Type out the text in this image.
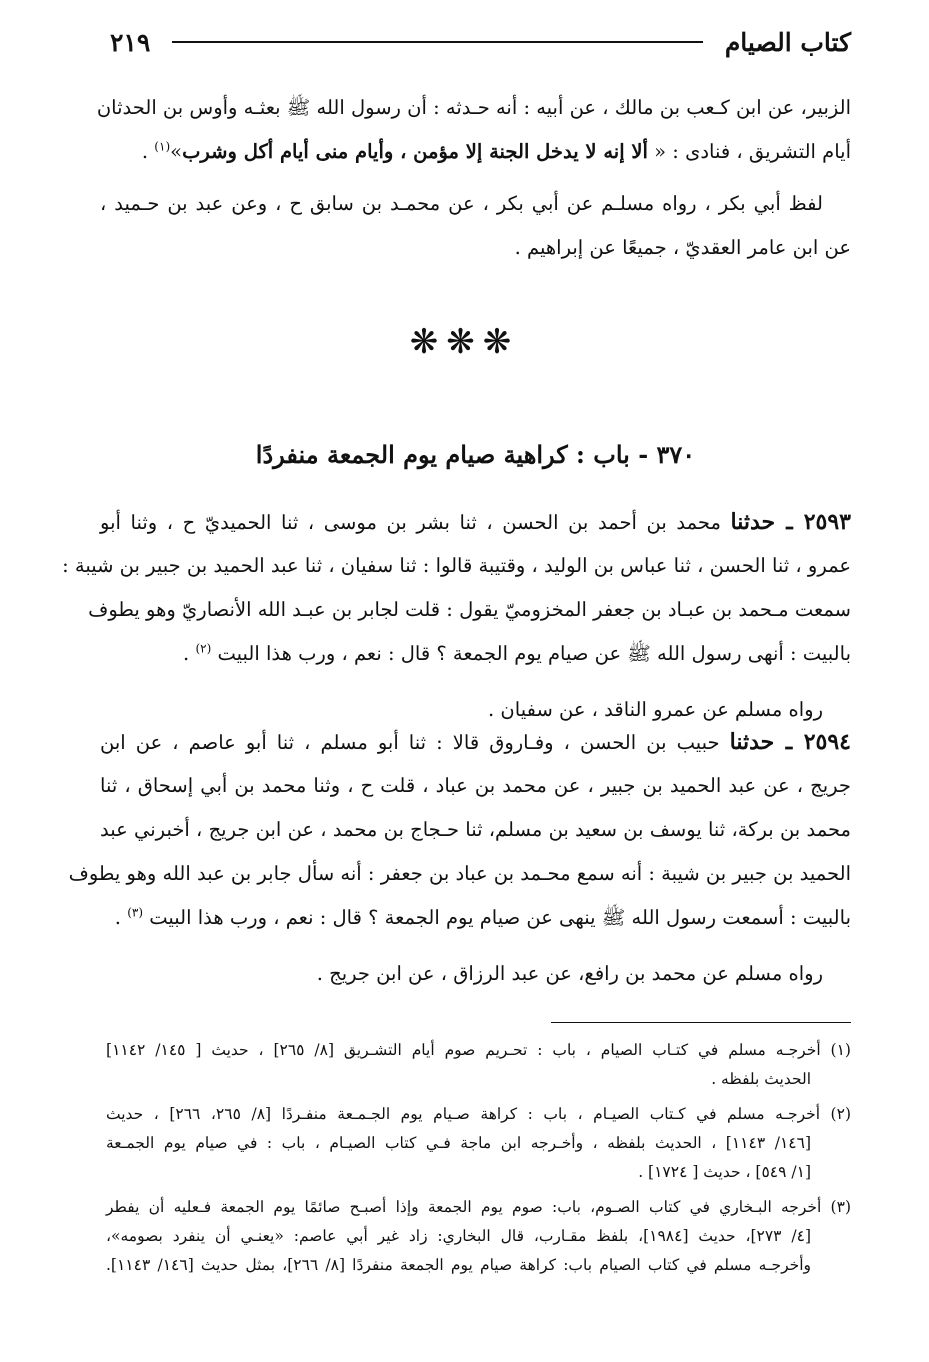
كتاب الصيام
٢١٩
الزبير، عن ابن كـعب بن مالك ، عن أبيه : أنه حـدثه : أن رسول الله ﷺ بعثـه وأوس بن الحدثان
أيام التشريق ، فنادى : « ألا إنه لا يدخل الجنة إلا مؤمن ، وأيام منى أيام أكل وشرب»$^{(١)}$ .
لفظ أبي بكر ، رواه مسلـم عن أبي بكر ، عن محمـد بن سابق ح ، وعن عبد بن حـميد ،
عن ابن عامر العقديّ ، جميعًا عن إبراهيم .
❋❋❋
٣٧٠ - باب : كراهية صيام يوم الجمعة منفردًا
٢٥٩٣ ـ حدثنا محمد بن أحمد بن الحسن ، ثنا بشر بن موسى ، ثنا الحميديّ ح ، وثنا أبو
عمرو ، ثنا الحسن ، ثنا عباس بن الوليد ، وقتيبة قالوا : ثنا سفيان ، ثنا عبد الحميد بن جبير بن شيبة :
سمعت مـحمد بن عبـاد بن جعفر المخزوميّ يقول : قلت لجابر بن عبـد الله الأنصاريّ وهو يطوف
بالبيت : أنهى رسول الله ﷺ عن صيام يوم الجمعة ؟ قال : نعم ، ورب هذا البيت $^{(٢)}$ .
رواه مسلم عن عمرو الناقد ، عن سفيان .
٢٥٩٤ ـ حدثنا حبيب بن الحسن ، وفـاروق قالا : ثنا أبو مسلم ، ثنا أبو عاصم ، عن ابن
جريج ، عن عبد الحميد بن جبير ، عن محمد بن عباد ، قلت ح ، وثنا محمد بن أبي إسحاق ، ثنا
محمد بن بركة، ثنا يوسف بن سعيد بن مسلم، ثنا حـجاج بن محمد ، عن ابن جريج ، أخبرني عبد
الحميد بن جبير بن شيبة : أنه سمع محـمد بن عباد بن جعفر : أنه سأل جابر بن عبد الله وهو يطوف
بالبيت : أسمعت رسول الله ﷺ ينهى عن صيام يوم الجمعة ؟ قال : نعم ، ورب هذا البيت $^{(٣)}$ .
رواه مسلم عن محمد بن رافع، عن عبد الرزاق ، عن ابن جريج .
(١) أخرجـه مسلم في كتـاب الصيام ، باب : تحـريم صوم أيام التشـريق [٨/ ٢٦٥] ، حديث [ ١٤٥/ ١١٤٢]
الحديث بلفظه .
(٢) أخرجـه مسلم في كـتاب الصيـام ، باب : كراهة صـيام يوم الجـمـعة منفـردًا [٨/ ٢٦٥، ٢٦٦] ، حديث
[١٤٦/ ١١٤٣] ، الحديث بلفظه ، وأخـرجه ابن ماجة فـي كتاب الصيـام ، باب : في صيام يوم الجمـعة
[١/ ٥٤٩] ، حديث [ ١٧٢٤] .
(٣) أخرجه البـخاري في كتاب الصـوم، باب: صوم يوم الجمعة وإذا أصبـح صائمًا يوم الجمعة فـعليه أن يفطر
[٤/ ٢٧٣]، حديث [١٩٨٤]، بلفظ مقـارب، قال البخاري: زاد غير أبي عاصم: «يعنـي أن ينفرد بصومه»،
وأخرجـه مسلم في كتاب الصيام باب: كراهة صيام يوم الجمعة منفردًا [٨/ ٢٦٦]، بمثل حديث [١٤٦/ ١١٤٣].
